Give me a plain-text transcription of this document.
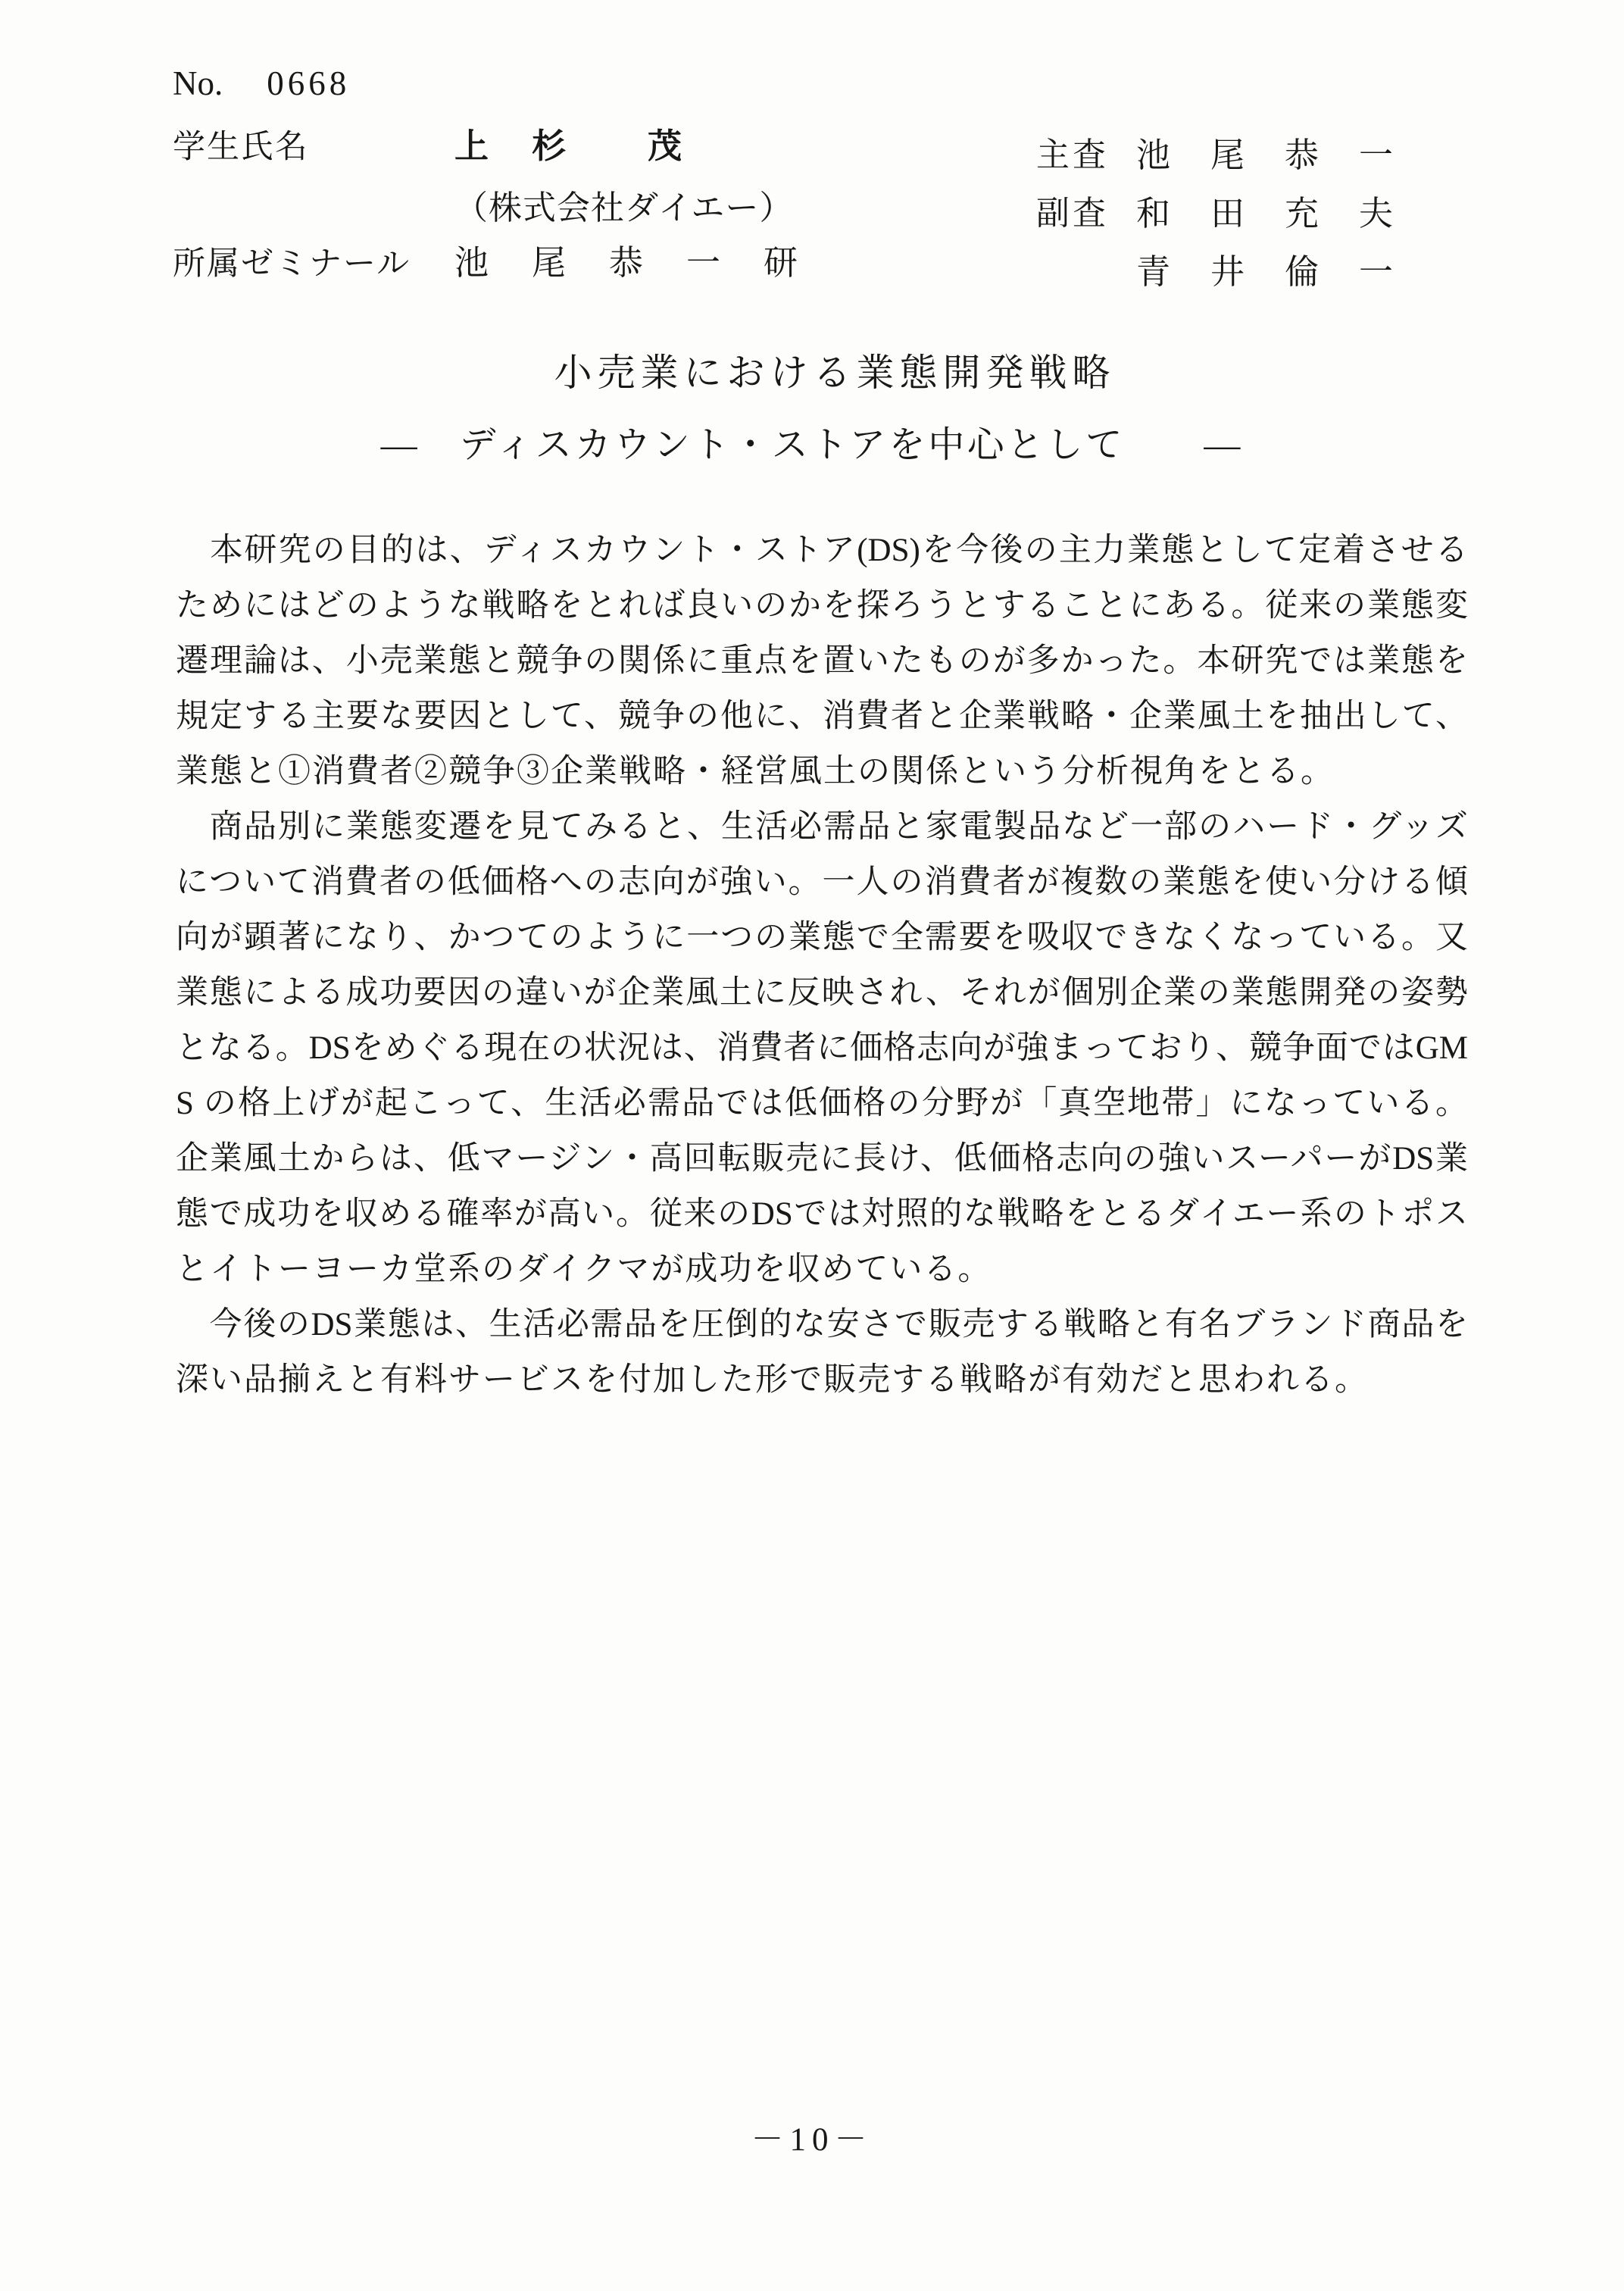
No. 0668
学生氏名	上　杉　　茂
（株式会社ダイエー）
所属ゼミナール 池　尾　恭　一　研
主査 池　尾　恭　一
副査 和　田　充　夫
青　井　倫　一
小売業における業態開発戦略
―　ディスカウント・ストアを中心として　　―
　本研究の目的は、ディスカウント・ストア(DS)を今後の主力業態として定着させる
ためにはどのような戦略をとれば良いのかを探ろうとすることにある。従来の業態変
遷理論は、小売業態と競争の関係に重点を置いたものが多かった。本研究では業態を
規定する主要な要因として、競争の他に、消費者と企業戦略・企業風土を抽出して、
業態と①消費者②競争③企業戦略・経営風土の関係という分析視角をとる。
　商品別に業態変遷を見てみると、生活必需品と家電製品など一部のハード・グッズ
について消費者の低価格への志向が強い。一人の消費者が複数の業態を使い分ける傾
向が顕著になり、かつてのように一つの業態で全需要を吸収できなくなっている。又
業態による成功要因の違いが企業風土に反映され、それが個別企業の業態開発の姿勢
となる。DSをめぐる現在の状況は、消費者に価格志向が強まっており、競争面ではGM
S の格上げが起こって、生活必需品では低価格の分野が「真空地帯」になっている。
企業風土からは、低マージン・高回転販売に長け、低価格志向の強いスーパーがDS業
態で成功を収める確率が高い。従来のDSでは対照的な戦略をとるダイエー系のトポス
とイトーヨーカ堂系のダイクマが成功を収めている。
　今後のDS業態は、生活必需品を圧倒的な安さで販売する戦略と有名ブランド商品を
深い品揃えと有料サービスを付加した形で販売する戦略が有効だと思われる。
－10－
